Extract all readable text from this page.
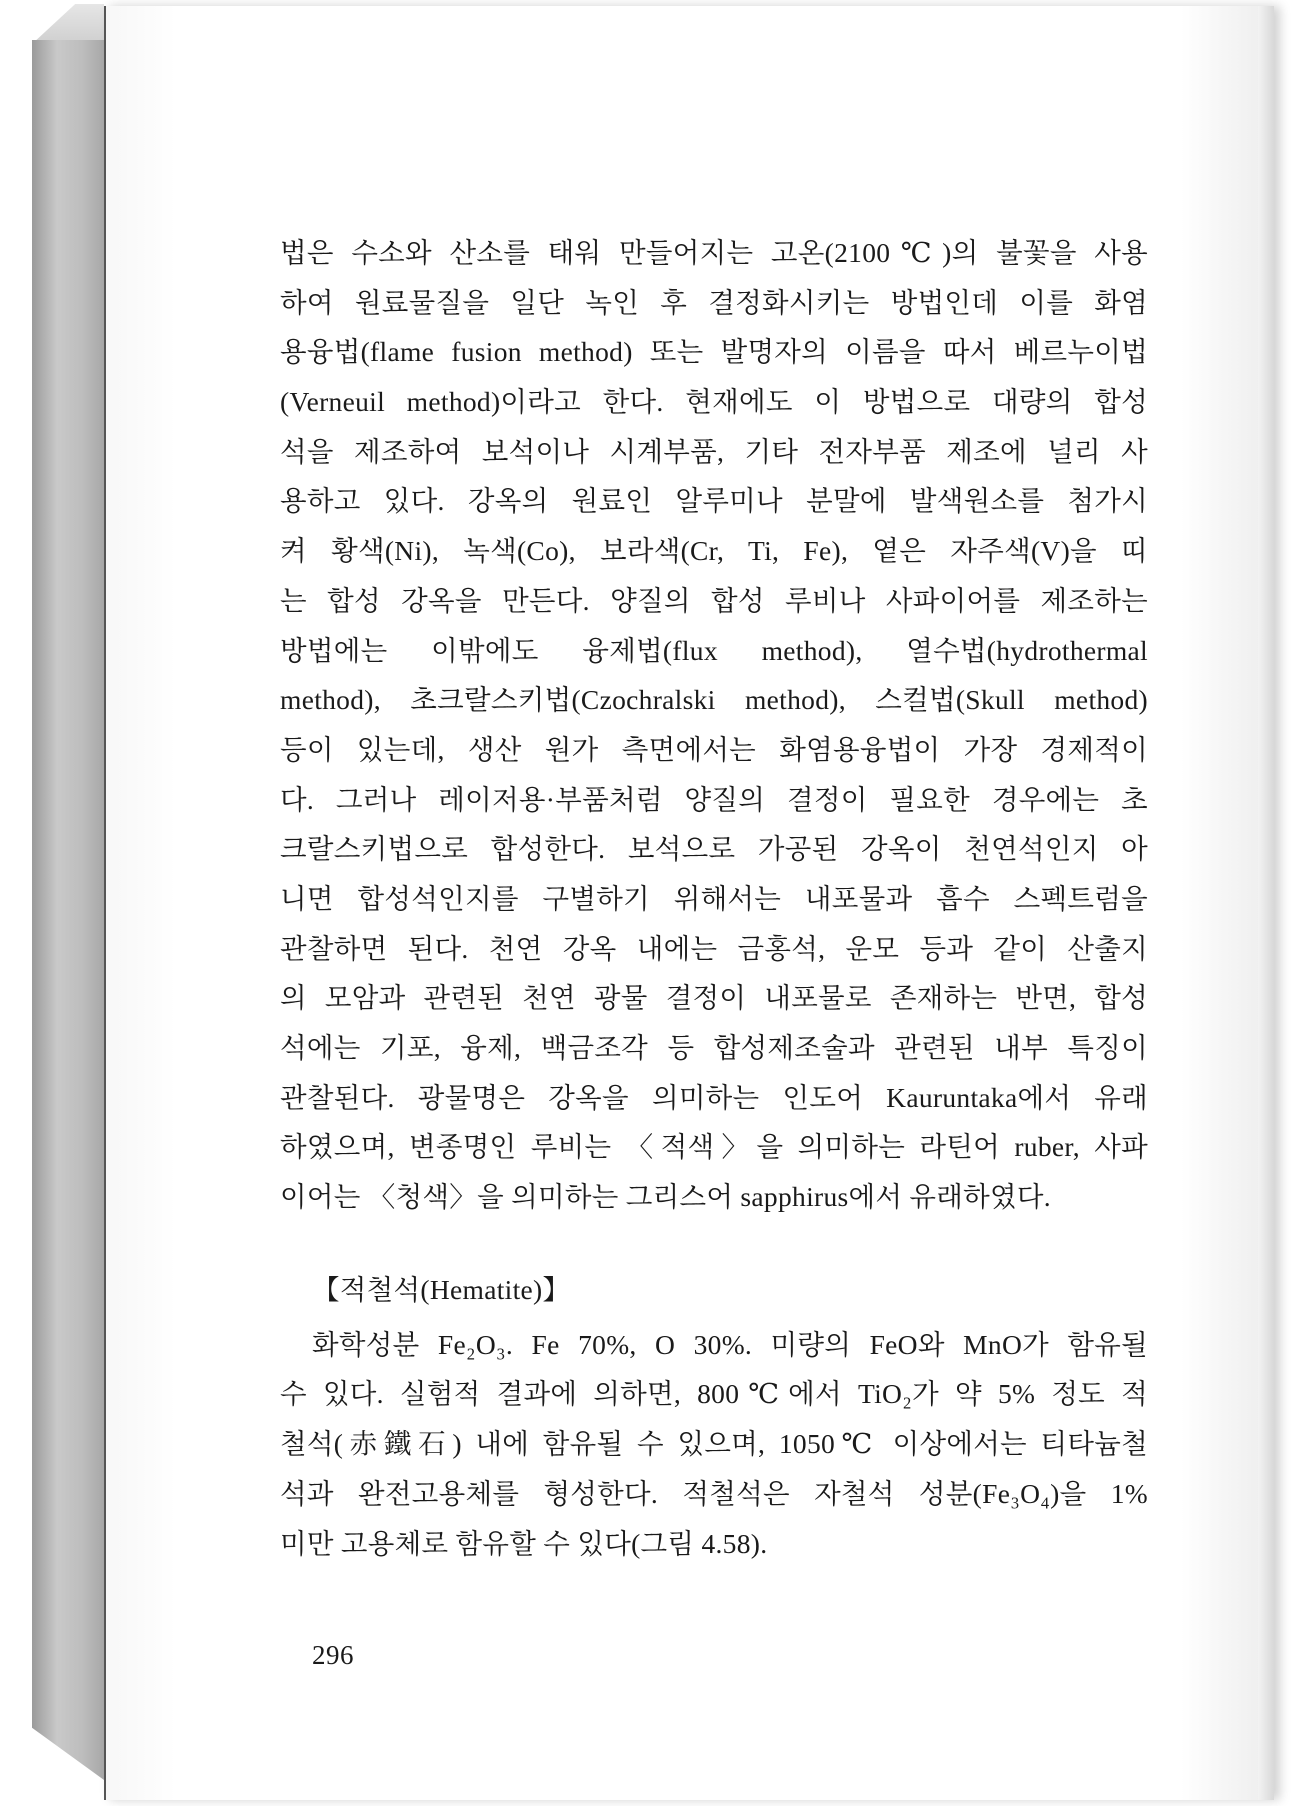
법은 수소와 산소를 태워 만들어지는 고온(2100℃)의 불꽃을 사용

하여 원료물질을 일단 녹인 후 결정화시키는 방법인데 이를 화염

용융법(flame fusion method) 또는 발명자의 이름을 따서 베르누이법

(Verneuil method)이라고 한다. 현재에도 이 방법으로 대량의 합성

석을 제조하여 보석이나 시계부품, 기타 전자부품 제조에 널리 사

용하고 있다. 강옥의 원료인 알루미나 분말에 발색원소를 첨가시

켜 황색(Ni), 녹색(Co), 보라색(Cr, Ti, Fe), 옅은 자주색(V)을 띠

는 합성 강옥을 만든다. 양질의 합성 루비나 사파이어를 제조하는

방법에는 이밖에도 융제법(flux method), 열수법(hydrothermal

method), 초크랄스키법(Czochralski method), 스컬법(Skull method)

등이 있는데, 생산 원가 측면에서는 화염용융법이 가장 경제적이

다. 그러나 레이저용·부품처럼 양질의 결정이 필요한 경우에는 초

크랄스키법으로 합성한다. 보석으로 가공된 강옥이 천연석인지 아

니면 합성석인지를 구별하기 위해서는 내포물과 흡수 스펙트럼을

관찰하면 된다. 천연 강옥 내에는 금홍석, 운모 등과 같이 산출지

의 모암과 관련된 천연 광물 결정이 내포물로 존재하는 반면, 합성

석에는 기포, 융제, 백금조각 등 합성제조술과 관련된 내부 특징이

관찰된다. 광물명은 강옥을 의미하는 인도어 Kauruntaka에서 유래

하였으며, 변종명인 루비는 〈적색〉을 의미하는 라틴어 ruber, 사파

이어는 〈청색〉을 의미하는 그리스어 sapphirus에서 유래하였다.

【적철석(Hematite)】

화학성분 Fe₂O₃. Fe 70%, O 30%. 미량의 FeO와 MnO가 함유될

수 있다. 실험적 결과에 의하면, 800℃에서 TiO₂가 약 5% 정도 적

철석(赤鐵石) 내에 함유될 수 있으며, 1050℃ 이상에서는 티타늄철

석과 완전고용체를 형성한다. 적철석은 자철석 성분(Fe₃O₄)을 1%

미만 고용체로 함유할 수 있다(그림 4.58).

296
